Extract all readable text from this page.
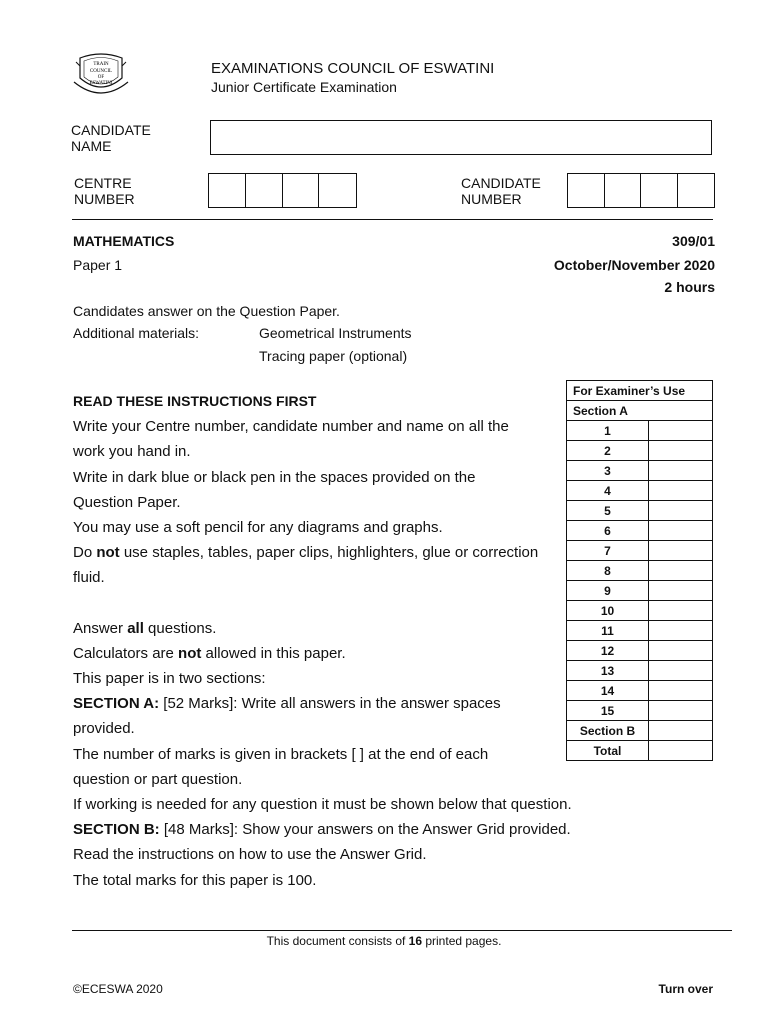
TRAIN
COUNCIL
OF
ESWATINI
EXAMINATIONS COUNCIL OF ESWATINI
Junior Certificate Examination
CANDIDATE
NAME
CENTRE
NUMBER
CANDIDATE
NUMBER
MATHEMATICS	309/01
Paper 1	October/November 2020
2 hours
Candidates answer on the Question Paper.
Additional materials:	Geometrical Instruments
Tracing paper (optional)

READ THESE INSTRUCTIONS FIRST

Write your Centre number, candidate number and name on all the

work you hand in.

Write in dark blue or black pen in the spaces provided on the

Question Paper.

You may use a soft pencil for any diagrams and graphs.

Do not use staples, tables, paper clips, highlighters, glue or correction

fluid.

Answer all questions.

Calculators are not allowed in this paper.

This paper is in two sections:

SECTION A: [52 Marks]: Write all answers in the answer spaces

provided.

The number of marks is given in brackets [ ] at the end of each

question or part question.

If working is needed for any question it must be shown below that question.

SECTION B: [48 Marks]: Show your answers on the Answer Grid provided.

Read the instructions on how to use the Answer Grid.

The total marks for this paper is 100.

For Examiner’s Use	
Section A	
1	
2	
3	
4	
5	
6	
7	
8	
9	
10	
11	
12	
13	
14	
15	
Section B	
Total	
This document consists of 16 printed pages.
©ECESWA 2020	Turn over
